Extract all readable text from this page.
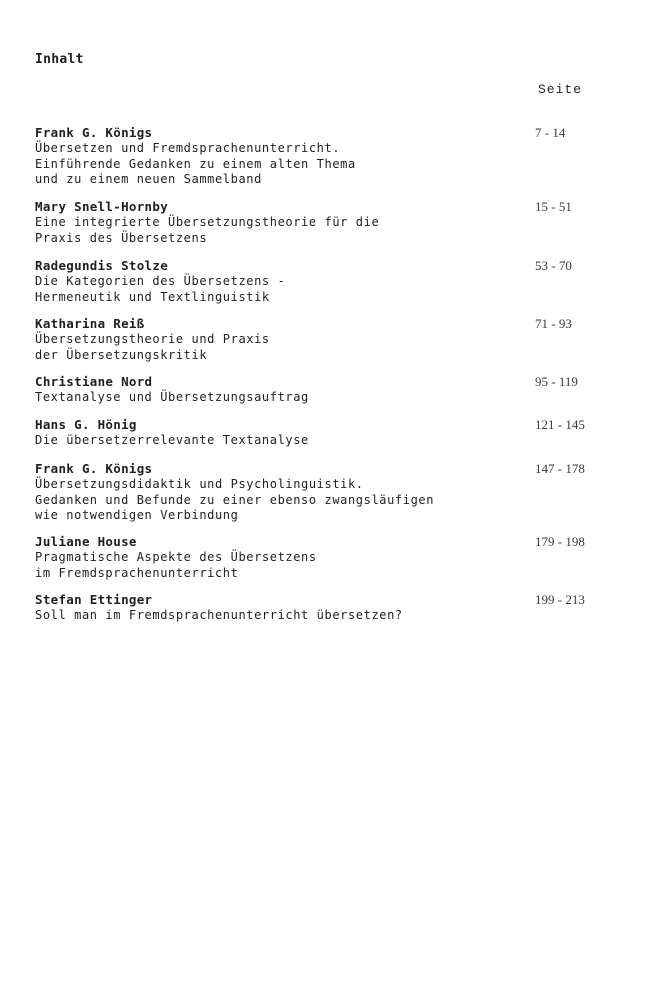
Inhalt
Seite
Frank G. Königs
Übersetzen und Fremdsprachenunterricht.
Einführende Gedanken zu einem alten Thema
und zu einem neuen Sammelband
7 - 14
Mary Snell-Hornby
Eine integrierte Übersetzungstheorie für die
Praxis des Übersetzens
15 - 51
Radegundis Stolze
Die Kategorien des Übersetzens -
Hermeneutik und Textlinguistik
53 - 70
Katharina Reiß
Übersetzungstheorie und Praxis
der Übersetzungskritik
71 - 93
Christiane Nord
Textanalyse und Übersetzungsauftrag
95 - 119
Hans G. Hönig
Die übersetzerrelevante Textanalyse
121 - 145
Frank G. Königs
Übersetzungsdidaktik und Psycholinguistik.
Gedanken und Befunde zu einer ebenso zwangsläufigen
wie notwendigen Verbindung
147 - 178
Juliane House
Pragmatische Aspekte des Übersetzens
im Fremdsprachenunterricht
179 - 198
Stefan Ettinger
Soll man im Fremdsprachenunterricht übersetzen?
199 - 213
